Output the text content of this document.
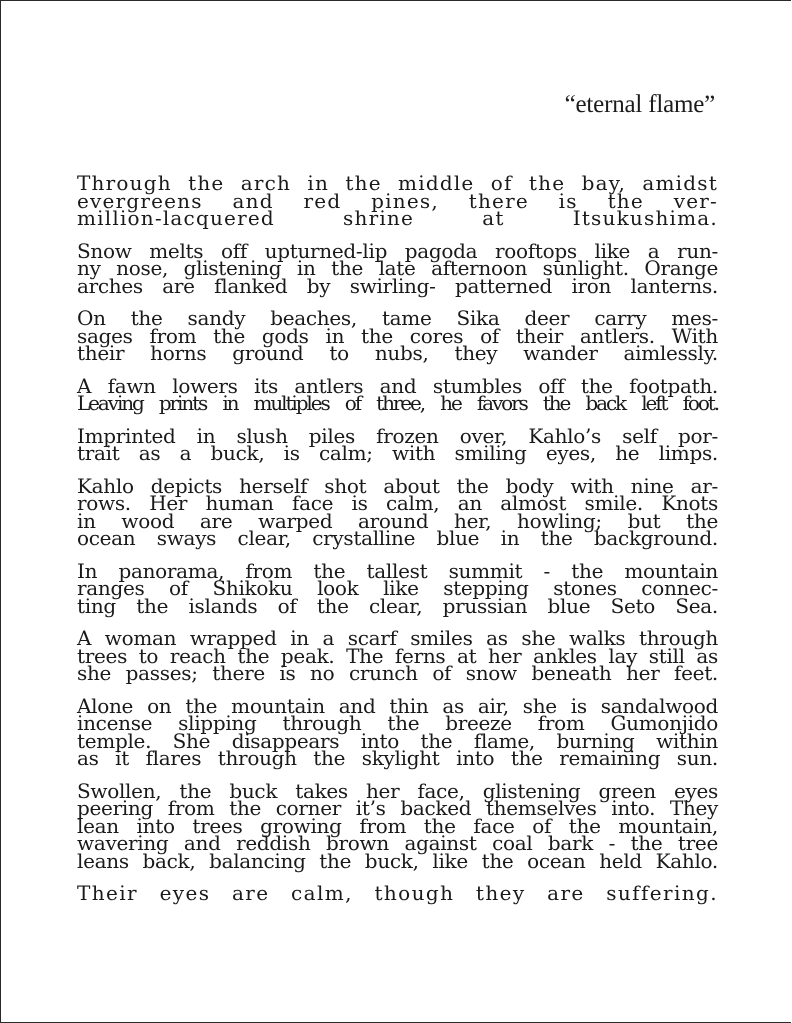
“eternal flame”

Through the arch in the middle of the bay, amidst
evergreens and red pines, there is the ver-
million-lacquered shrine at Itsukushima.

Snow melts off upturned-lip pagoda rooftops like a run-
ny nose, glistening in the late afternoon sunlight. Orange
arches are flanked by swirling- patterned iron lanterns.

On the sandy beaches, tame Sika deer carry mes-
sages from the gods in the cores of their antlers. With
their horns ground to nubs, they wander aimlessly.

A fawn lowers its antlers and stumbles off the footpath.
Leaving prints in multiples of three, he favors the back left foot.

Imprinted in slush piles frozen over, Kahlo’s self por-
trait as a buck, is calm; with smiling eyes, he limps.

Kahlo depicts herself shot about the body with nine ar-
rows. Her human face is calm, an almost smile. Knots
in wood are warped around her, howling; but the
ocean sways clear, crystalline blue in the background.

In panorama, from the tallest summit - the mountain
ranges of Shikoku look like stepping stones connec-
ting the islands of the clear, prussian blue Seto Sea.

A woman wrapped in a scarf smiles as she walks through
trees to reach the peak. The ferns at her ankles lay still as
she passes; there is no crunch of snow beneath her feet.

Alone on the mountain and thin as air, she is sandalwood
incense slipping through the breeze from Gumonjido
temple. She disappears into the flame, burning within
as it flares through the skylight into the remaining sun.

Swollen, the buck takes her face, glistening green eyes
peering from the corner it’s backed themselves into. They
lean into trees growing from the face of the mountain,
wavering and reddish brown against coal bark - the tree
leans back, balancing the buck, like the ocean held Kahlo.

Their eyes are calm, though they are suffering.
